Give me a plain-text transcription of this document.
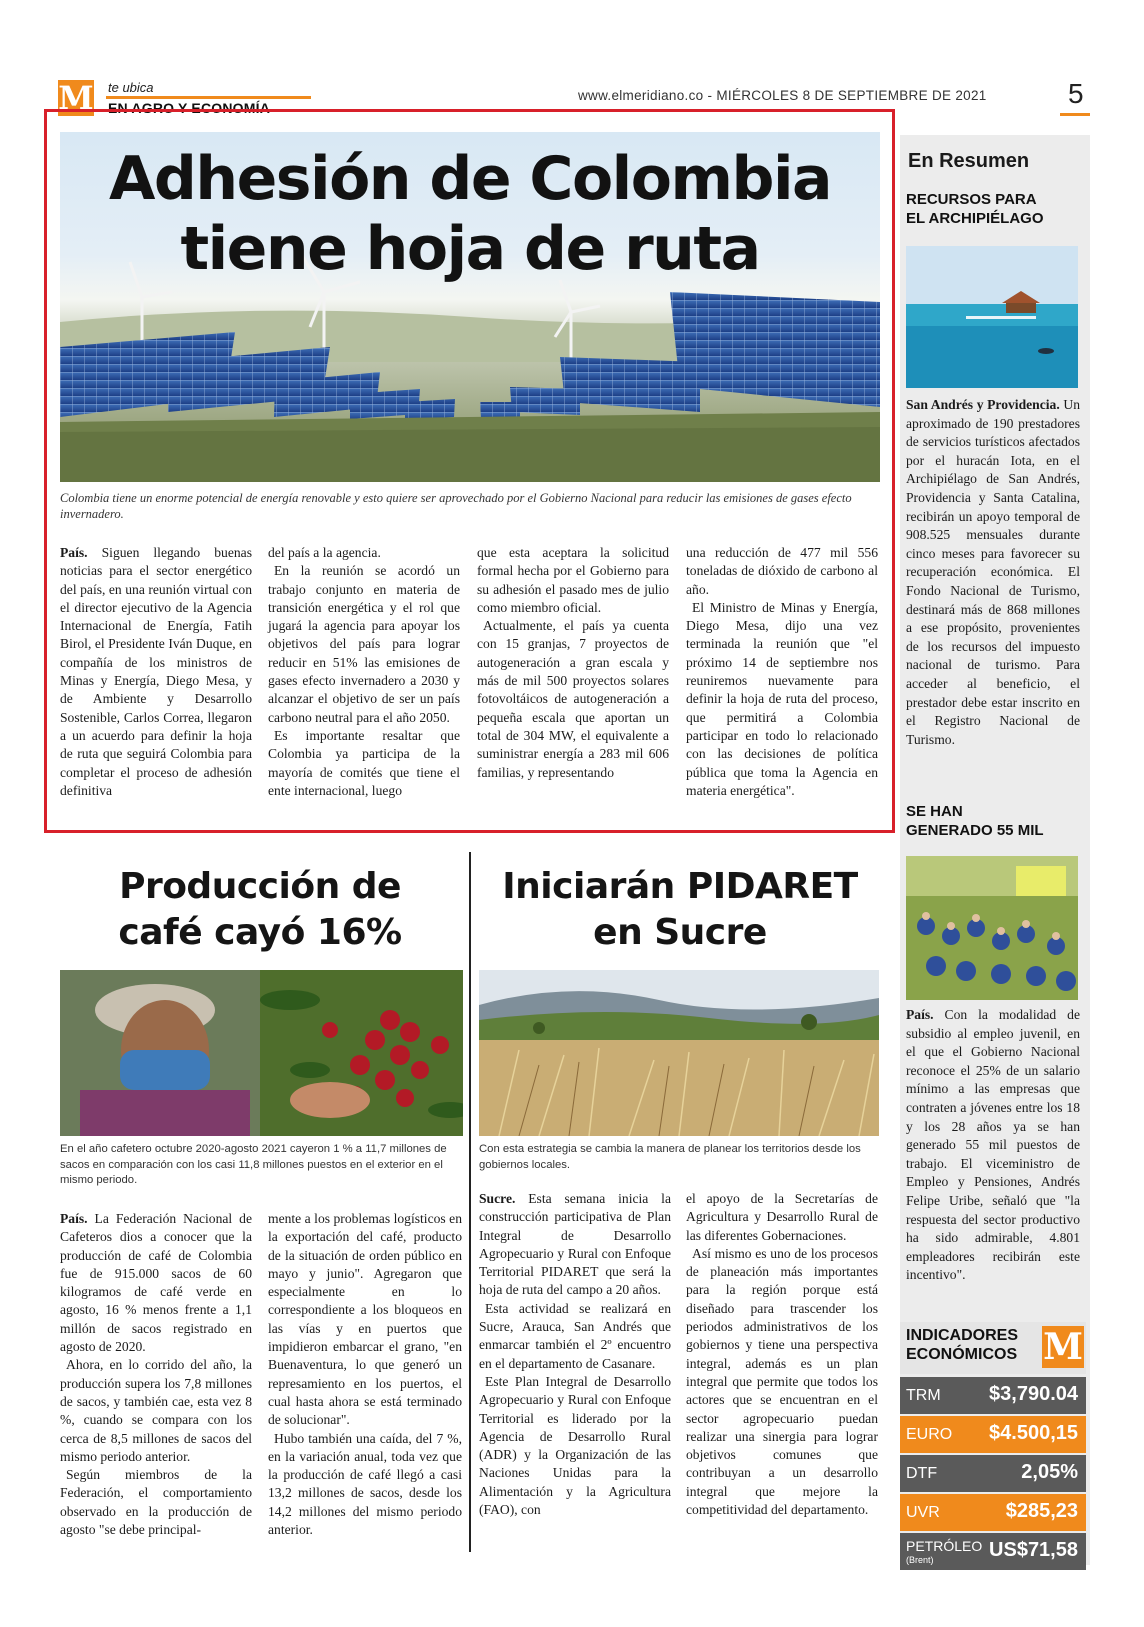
M te ubica
EN AGRO Y ECONOMÍA
www.elmeridiano.co - MIÉRCOLES 8 DE SEPTIEMBRE DE 2021	5
Adhesión de Colombia
tiene hoja de ruta
Colombia tiene un enorme potencial de energía renovable y esto quiere ser aprovechado por el Gobierno Nacional para reducir las emisiones de gases efecto invernadero.

País. Siguen llegando buenas noticias para el sector energético del país, en una reunión virtual con el director ejecutivo de la Agencia Internacional de Energía, Fatih Birol, el Presidente Iván Duque, en compañía de los ministros de Minas y Energía, Diego Mesa, y de Ambiente y Desarrollo Sostenible, Carlos Correa, llegaron a un acuerdo para definir la hoja de ruta que seguirá Colombia para completar el proceso de adhesión definitiva

del país a la agencia.

En la reunión se acordó un trabajo conjunto en materia de transición energética y el rol que jugará la agencia para apoyar los objetivos del país para lograr reducir en 51% las emisiones de gases efecto invernadero a 2030 y alcanzar el objetivo de ser un país carbono neutral para el año 2050.

Es importante resaltar que Colombia ya participa de la mayoría de comités que tiene el ente internacional, luego

que esta aceptara la solicitud formal hecha por el Gobierno para su adhesión el pasado mes de julio como miembro oficial.

Actualmente, el país ya cuenta con 15 granjas, 7 proyectos de autogeneración a gran escala y más de mil 500 proyectos solares fotovoltáicos de autogeneración a pequeña escala que aportan un total de 304 MW, el equivalente a suministrar energía a 283 mil 606 familias, y representando

una reducción de 477 mil 556 toneladas de dióxido de carbono al año.

El Ministro de Minas y Energía, Diego Mesa, dijo una vez terminada la reunión que "el próximo 14 de septiembre nos reuniremos nuevamente para definir la hoja de ruta del proceso, que permitirá a Colombia participar en todo lo relacionado con las decisiones de política pública que toma la Agencia en materia energética".

En Resumen
RECURSOS PARA
EL ARCHIPIÉLAGO
San Andrés y Providencia. Un aproximado de 190 prestadores de servicios turísticos afectados por el huracán Iota, en el Archipiélago de San Andrés, Providencia y Santa Catalina, recibirán un apoyo temporal de 908.525 mensuales durante cinco meses para favorecer su recuperación económica. El Fondo Nacional de Turismo, destinará más de 868 millones a ese propósito, provenientes de los recursos del impuesto nacional de turismo. Para acceder al beneficio, el prestador debe estar inscrito en el Registro Nacional de Turismo.
SE HAN
GENERADO 55 MIL
País. Con la modalidad de subsidio al empleo juvenil, en el que el Gobierno Nacional reconoce el 25% de un salario mínimo a las empresas que contraten a jóvenes entre los 18 y los 28 años ya se han generado 55 mil puestos de trabajo. El viceministro de Empleo y Pensiones, Andrés Felipe Uribe, señaló que "la respuesta del sector productivo ha sido admirable, 4.801 empleadores recibirán este incentivo".
INDICADORES
ECONÓMICOS M
TRM $3,790.04
EURO $4.500,15
DTF	2,05%
UVR	$285,23
PETRÓLEO
(Brent)	US$71,58
Producción de
café cayó 16%
En el año cafetero octubre 2020-agosto 2021 cayeron 1 % a 11,7 millones de sacos en comparación con los casi 11,8 millones puestos en el exterior en el mismo periodo.

País. La Federación Nacional de Cafeteros dios a conocer que la producción de café de Colombia fue de 915.000 sacos de 60 kilogramos de café verde en agosto, 16 % menos frente a 1,1 millón de sacos registrado en agosto de 2020.

Ahora, en lo corrido del año, la producción supera los 7,8 millones de sacos, y también cae, esta vez 8 %, cuando se compara con los cerca de 8,5 millones de sacos del mismo periodo anterior.

Según miembros de la Federación, el comportamiento observado en la producción de agosto "se debe principal-

mente a los problemas logísticos en la exportación del café, producto de la situación de orden público en mayo y junio". Agregaron que especialmente en lo correspondiente a los bloqueos en las vías y en puertos que impidieron embarcar el grano, "en Buenaventura, lo que generó un represamiento en los puertos, el cual hasta ahora se está terminado de solucionar".

Hubo también una caída, del 7 %, en la variación anual, toda vez que la producción de café llegó a casi 13,2 millones de sacos, desde los 14,2 millones del mismo periodo anterior.

Iniciarán PIDARET
en Sucre
Con esta estrategia se cambia la manera de planear los territorios desde los gobiernos locales.

Sucre. Esta semana inicia la construcción participativa de Plan Integral de Desarrollo Agropecuario y Rural con Enfoque Territorial PIDARET que será la hoja de ruta del campo a 20 años.

Esta actividad se realizará en Sucre, Arauca, San Andrés que enmarcar también el 2º encuentro en el departamento de Casanare.

Este Plan Integral de Desarrollo Agropecuario y Rural con Enfoque Territorial es liderado por la Agencia de Desarrollo Rural (ADR) y la Organización de las Naciones Unidas para la Alimentación y la Agricultura (FAO), con

el apoyo de la Secretarías de Agricultura y Desarrollo Rural de las diferentes Gobernaciones.

Así mismo es uno de los procesos de planeación más importantes para la región porque está diseñado para trascender los periodos administrativos de los gobiernos y tiene una perspectiva integral, además es un plan integral que permite que todos los actores que se encuentran en el sector agropecuario puedan realizar una sinergia para lograr objetivos comunes que contribuyan a un desarrollo integral que mejore la competitividad del departamento.
